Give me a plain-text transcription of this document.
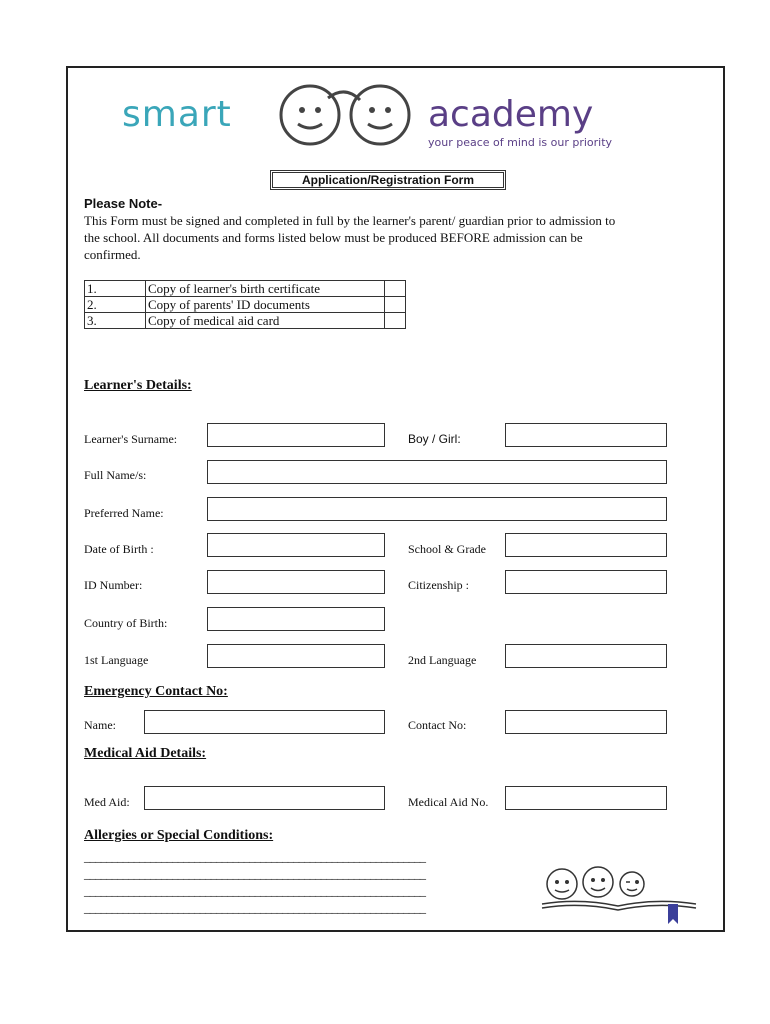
smart	academy
your peace of mind is our priority
Application/Registration Form
Please Note-
This Form must be signed and completed in full by the learner's parent/ guardian prior to admission to the school. All documents and forms listed below must be produced BEFORE admission can be confirmed.
1.	Copy of learner's birth certificate	
2.	Copy of parents' ID documents	
3.	Copy of medical aid card	
Learner's Details:
Learner's Surname:	Boy / Girl:
Full Name/s:
Preferred Name:
Date of Birth :	School & Grade
ID Number:	Citizenship :
Country of Birth:
1st Language	2nd Language
Emergency Contact No:
Name:	Contact No:
Medical Aid Details:
Med Aid:	Medical Aid No.
Allergies or Special Conditions:
______________________________________________________________
______________________________________________________________
______________________________________________________________
______________________________________________________________
